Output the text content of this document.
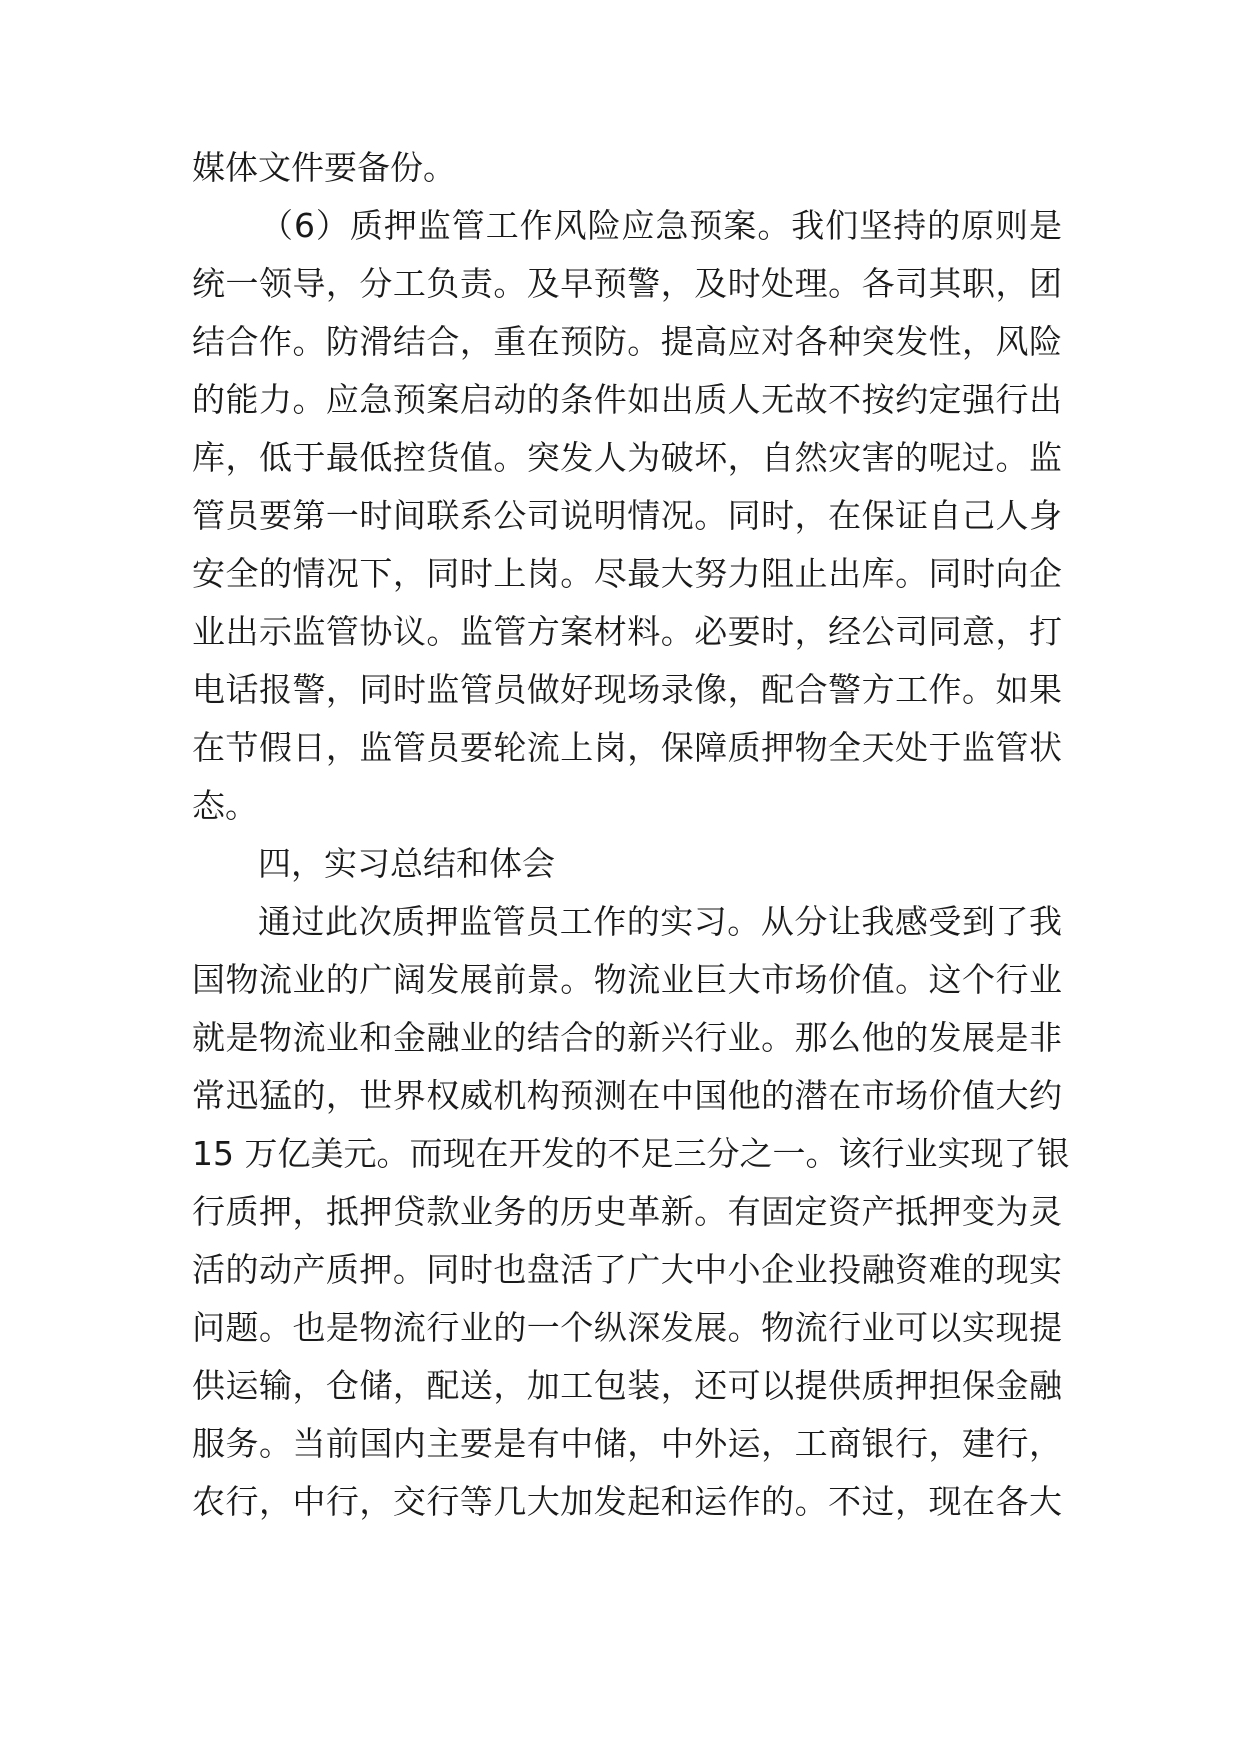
媒体文件要备份。
（6）质押监管工作风险应急预案。我们坚持的原则是
统一领导，分工负责。及早预警，及时处理。各司其职，团
结合作。防滑结合，重在预防。提高应对各种突发性，风险
的能力。应急预案启动的条件如出质人无故不按约定强行出
库，低于最低控货值。突发人为破坏，自然灾害的呢过。监
管员要第一时间联系公司说明情况。同时，在保证自己人身
安全的情况下，同时上岗。尽最大努力阻止出库。同时向企
业出示监管协议。监管方案材料。必要时，经公司同意，打
电话报警，同时监管员做好现场录像，配合警方工作。如果
在节假日，监管员要轮流上岗，保障质押物全天处于监管状
态。
四，实习总结和体会
通过此次质押监管员工作的实习。从分让我感受到了我
国物流业的广阔发展前景。物流业巨大市场价值。这个行业
就是物流业和金融业的结合的新兴行业。那么他的发展是非
常迅猛的，世界权威机构预测在中国他的潜在市场价值大约
15 万亿美元。而现在开发的不足三分之一。该行业实现了银
行质押，抵押贷款业务的历史革新。有固定资产抵押变为灵
活的动产质押。同时也盘活了广大中小企业投融资难的现实
问题。也是物流行业的一个纵深发展。物流行业可以实现提
供运输，仓储，配送，加工包装，还可以提供质押担保金融
服务。当前国内主要是有中储，中外运，工商银行，建行，
农行，中行，交行等几大加发起和运作的。不过，现在各大
